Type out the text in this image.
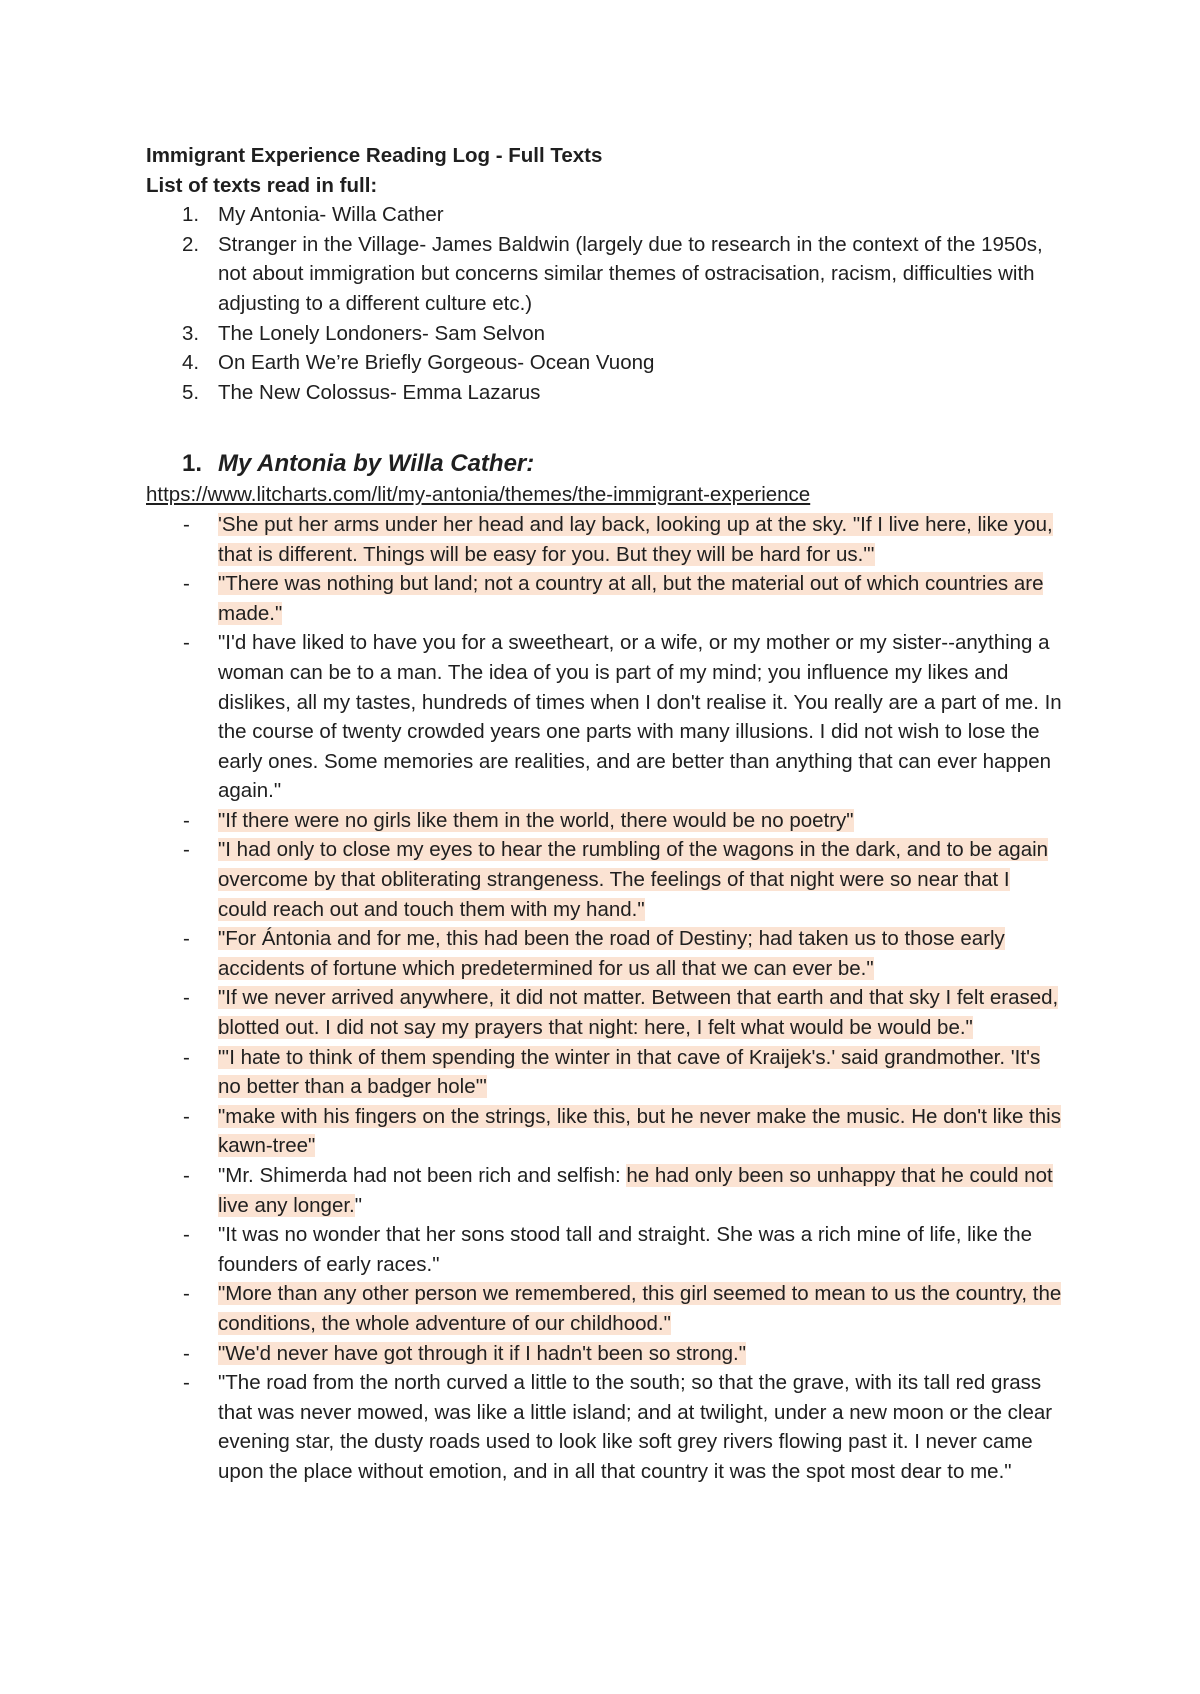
Immigrant Experience Reading Log - Full Texts

List of texts read in full:

1. My Antonia- Willa Cather
2. Stranger in the Village- James Baldwin (largely due to research in the context of the 1950s, not about immigration but concerns similar themes of ostracisation, racism, difficulties with adjusting to a different culture etc.)
3. The Lonely Londoners- Sam Selvon
4. On Earth We’re Briefly Gorgeous- Ocean Vuong
5. The New Colossus- Emma Lazarus
1. My Antonia by Willa Cather:
https://www.litcharts.com/lit/my-antonia/themes/the-immigrant-experience
- 'She put her arms under her head and lay back, looking up at the sky. "If I live here, like you, that is different. Things will be easy for you. But they will be hard for us."'
- "There was nothing but land; not a country at all, but the material out of which countries are made."
- "I'd have liked to have you for a sweetheart, or a wife, or my mother or my sister--anything a woman can be to a man. The idea of you is part of my mind; you influence my likes and dislikes, all my tastes, hundreds of times when I don't realise it. You really are a part of me. In the course of twenty crowded years one parts with many illusions. I did not wish to lose the early ones. Some memories are realities, and are better than anything that can ever happen again."
- "If there were no girls like them in the world, there would be no poetry"
- "I had only to close my eyes to hear the rumbling of the wagons in the dark, and to be again overcome by that obliterating strangeness. The feelings of that night were so near that I could reach out and touch them with my hand."
- "For Ántonia and for me, this had been the road of Destiny; had taken us to those early accidents of fortune which predetermined for us all that we can ever be."
- "If we never arrived anywhere, it did not matter. Between that earth and that sky I felt erased, blotted out. I did not say my prayers that night: here, I felt what would be would be."
- "'I hate to think of them spending the winter in that cave of Kraijek's.' said grandmother. 'It's no better than a badger hole'"
- "make with his fingers on the strings, like this, but he never make the music. He don't like this kawn-tree"
- "Mr. Shimerda had not been rich and selfish: he had only been so unhappy that he could not live any longer."
- "It was no wonder that her sons stood tall and straight. She was a rich mine of life, like the founders of early races."
- "More than any other person we remembered, this girl seemed to mean to us the country, the conditions, the whole adventure of our childhood."
- "We'd never have got through it if I hadn't been so strong."
- "The road from the north curved a little to the south; so that the grave, with its tall red grass that was never mowed, was like a little island; and at twilight, under a new moon or the clear evening star, the dusty roads used to look like soft grey rivers flowing past it. I never came upon the place without emotion, and in all that country it was the spot most dear to me."
